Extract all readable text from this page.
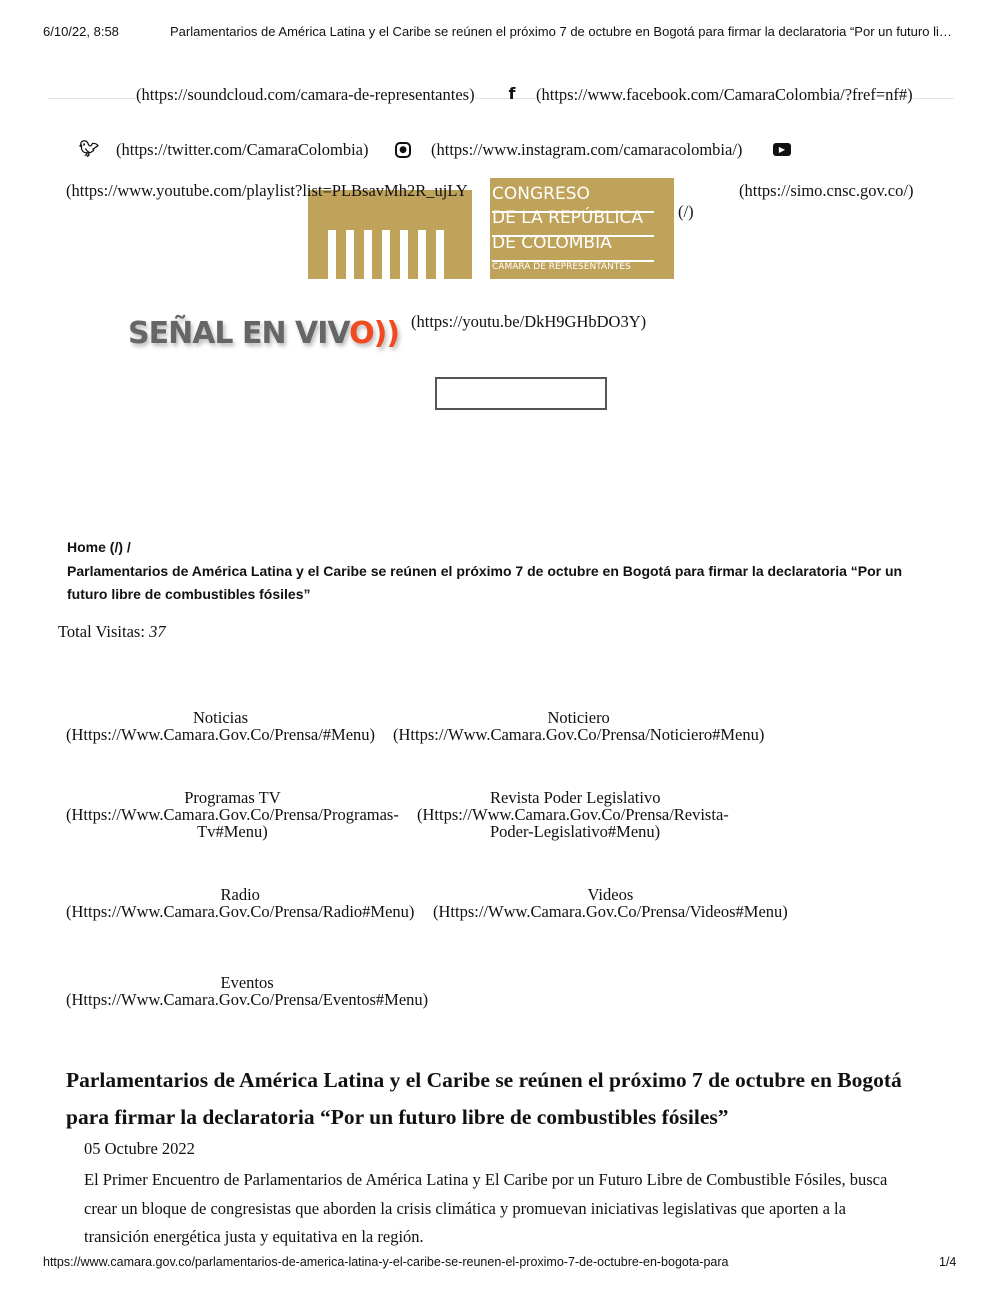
6/10/22, 8:58	Parlamentarios de América Latina y el Caribe se reúnen el próximo 7 de octubre en Bogotá para firmar la declaratoria “Por un futuro li…
(https://soundcloud.com/camara-de-representantes)	f	(https://www.facebook.com/CamaraColombia/?fref=nf#)
🐦︎ (https://twitter.com/CamaraColombia)	● (https://www.instagram.com/camaracolombia/)	▶
(https://www.youtube.com/playlist?list=PLBsavMh2R_ujLY	(https://simo.cnsc.gov.co/)
CONGRESO
DE LA REPÚBLICA
DE COLOMBIA
CÁMARA DE REPRESENTANTES
(/)
SEÑAL EN VIVO)) (https://youtu.be/DkH9GHbDO3Y)
Home (/) /
Parlamentarios de América Latina y el Caribe se reúnen el próximo 7 de octubre en Bogotá para firmar la declaratoria “Por un futuro libre de combustibles fósiles”
Total Visitas: 37
Noticias
(Https://Www.Camara.Gov.Co/Prensa/#Menu)
Noticiero
(Https://Www.Camara.Gov.Co/Prensa/Noticiero#Menu)
Programas TV
(Https://Www.Camara.Gov.Co/Prensa/Programas-
Tv#Menu)
Revista Poder Legislativo
(Https://Www.Camara.Gov.Co/Prensa/Revista-
Poder-Legislativo#Menu)
Radio
(Https://Www.Camara.Gov.Co/Prensa/Radio#Menu)
Videos
(Https://Www.Camara.Gov.Co/Prensa/Videos#Menu)
Eventos
(Https://Www.Camara.Gov.Co/Prensa/Eventos#Menu)
Parlamentarios de América Latina y el Caribe se reúnen el próximo 7 de octubre en Bogotá para firmar la declaratoria “Por un futuro libre de combustibles fósiles”
05 Octubre 2022
El Primer Encuentro de Parlamentarios de América Latina y El Caribe por un Futuro Libre de Combustible Fósiles, busca crear un bloque de congresistas que aborden la crisis climática y promuevan iniciativas legislativas que aporten a la transición energética justa y equitativa en la región.
https://www.camara.gov.co/parlamentarios-de-america-latina-y-el-caribe-se-reunen-el-proximo-7-de-octubre-en-bogota-para	1/4
